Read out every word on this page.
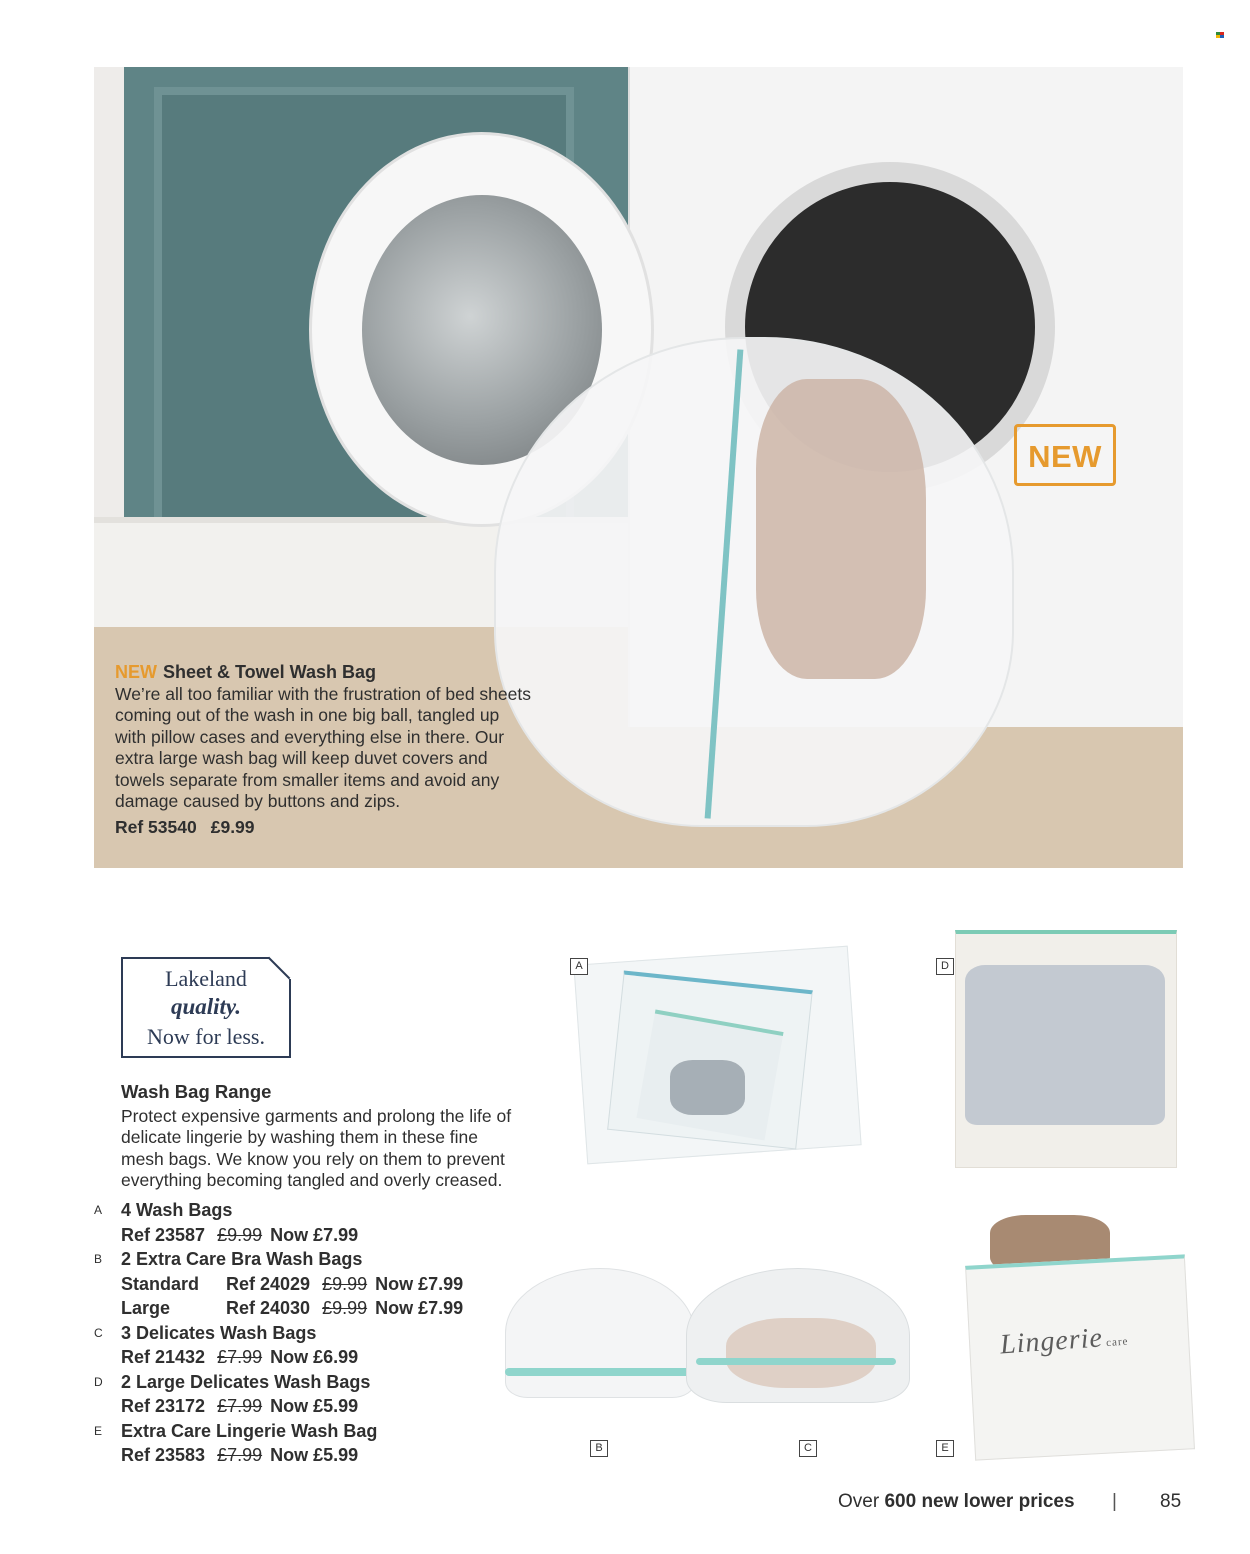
NEW
NEW Sheet & Towel Wash Bag
We’re all too familiar with the frustration of bed sheets coming out of the wash in one big ball, tangled up with pillow cases and everything else in there. Our extra large wash bag will keep duvet covers and towels separate from smaller items and avoid any damage caused by buttons and zips.
Ref 53540 £9.99
Lakeland
quality.
Now for less.
Wash Bag Range
Protect expensive garments and prolong the life of delicate lingerie by washing them in these fine mesh bags. We know you rely on them to prevent everything becoming tangled and overly creased.
A 4 Wash Bags
Ref 23587 £9.99 Now £7.99
B 2 Extra Care Bra Wash Bags
Standard Ref 24029 £9.99 Now £7.99
Large	Ref 24030 £9.99 Now £7.99
C 3 Delicates Wash Bags
Ref 21432 £7.99 Now £6.99
D 2 Large Delicates Wash Bags
Ref 23172 £7.99 Now £5.99
E Extra Care Lingerie Wash Bag
Ref 23583 £7.99 Now £5.99
A	D
B	C
Lingerie care
E
Over 600 new lower prices | 85
